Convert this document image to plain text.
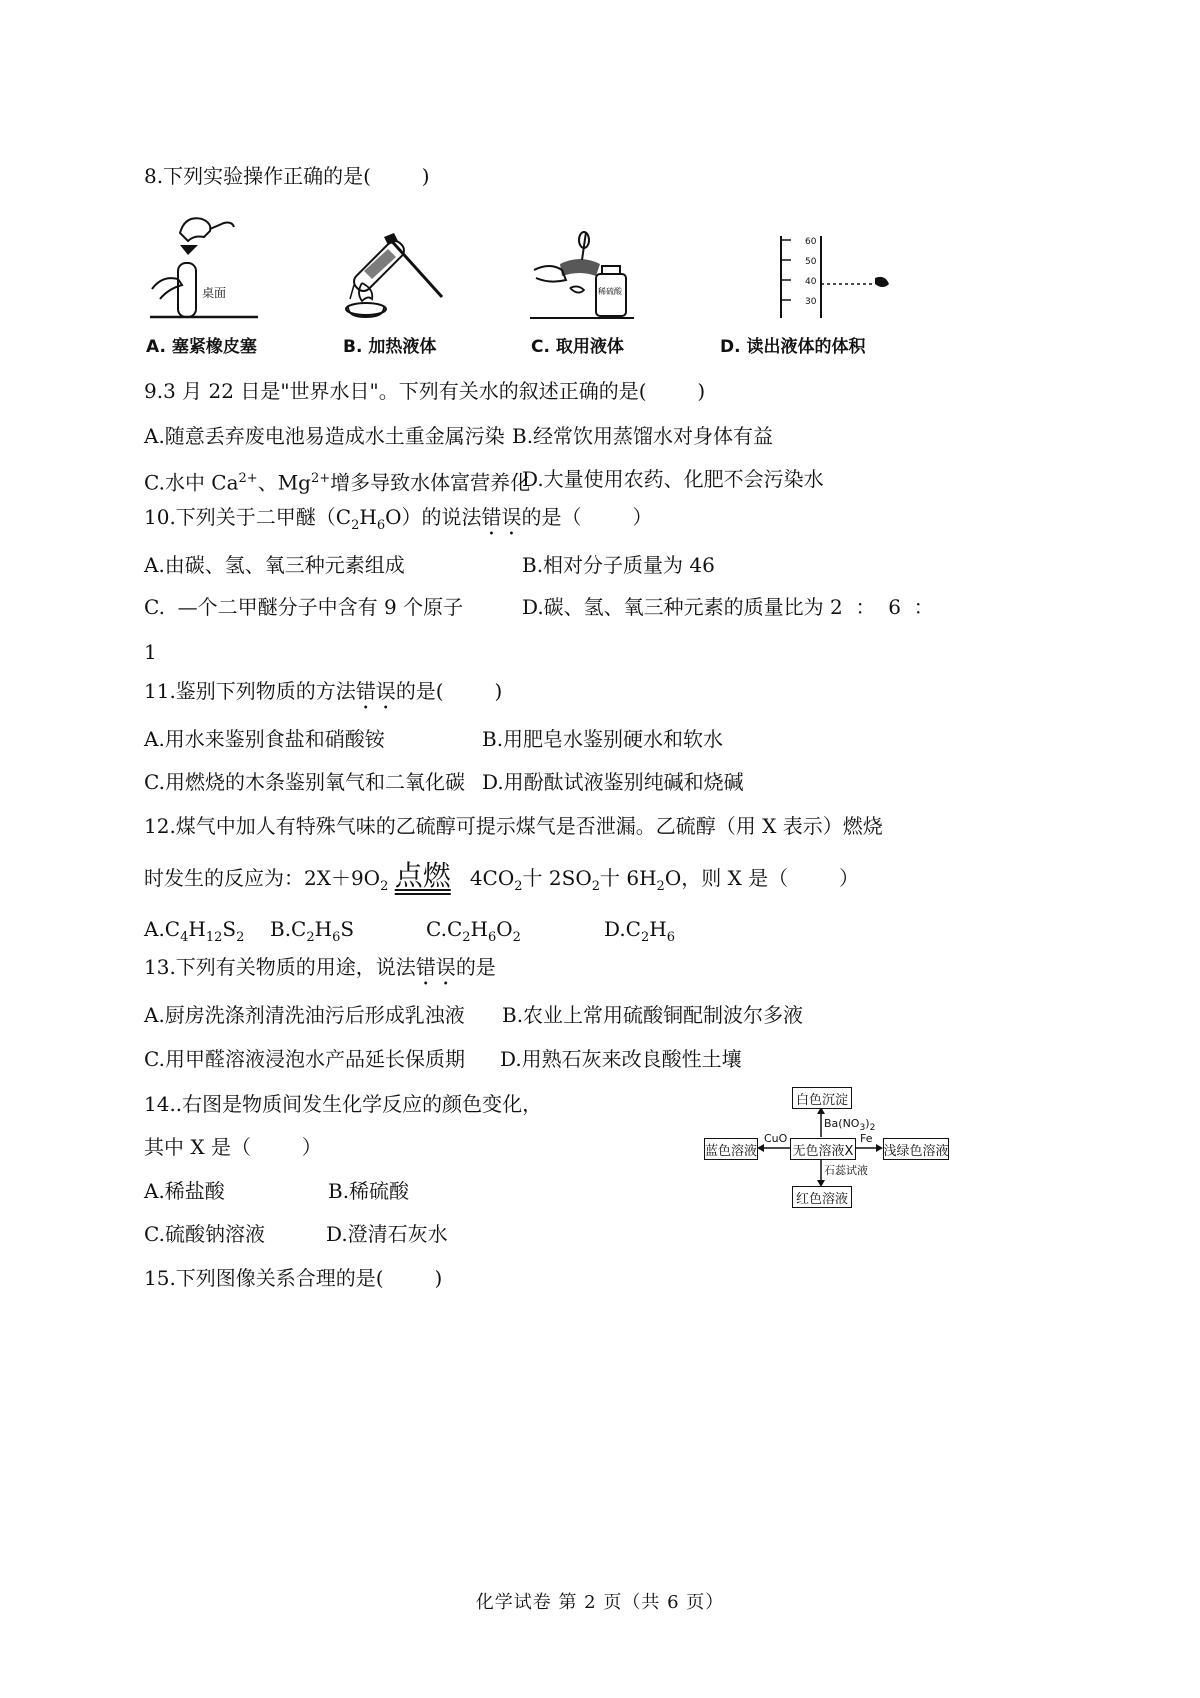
8.下列实验操作正确的是(        )
桌面
A. 塞紧橡皮塞	B. 加热液体
稀硫酸
C. 取用液体
60
50
40
30
D. 读出液体的体积
9.3 月 22 日是"世界水日"。下列有关水的叙述正确的是(        )
A.随意丢弃废电池易造成水土重金属污染 B.经常饮用蒸馏水对身体有益
C.水中 $Ca^{2+}$、$Mg^{2+}$增多导致水体富营养化
D.大量使用农药、化肥不会污染水
10.下列关于二甲醚$(C_2H_6O)$的说法错误的是（        ）
A.由碳、氢、氧三种元素组成	B.相对分子质量为 46
C.  —个二甲醚分子中含有 9 个原子	D.碳、氢、氧三种元素的质量比为 2  ：  6  ：
1
11.鉴别下列物质的方法错误的是(        )
A.用水来鉴别食盐和硝酸铵	B.用肥皂水鉴别硬水和软水
C.用燃烧的木条鉴别氧气和二氧化碳 D.用酚酞试液鉴别纯碱和烧碱
12.煤气中加人有特殊气味的乙硫醇可提示煤气是否泄漏。乙硫醇（用 X 表示）燃烧
时发生的反应为：$2X+9O_2$ 点燃 $4CO_2$十 $2SO_2$十 $6H_2O$，则 X 是（        ）
$A.C_4H_{12}S_2$ $B.C_2H_6S$	$C.C_2H_6O_2$	$D.C_2H_6$
13.下列有关物质的用途，说法错误的是
A.厨房洗涤剂清洗油污后形成乳浊液 B.农业上常用硫酸铜配制波尔多液
C.用甲醛溶液浸泡水产品延长保质期 D.用熟石灰来改良酸性土壤
14..右图是物质间发生化学反应的颜色变化，
其中 X 是（        ）
A.稀盐酸	B.稀硫酸
C.硫酸钠溶液	D.澄清石灰水
白色沉淀
$Ba(NO_3)_2$
无色溶液X
CuO
蓝色溶液
Fe
浅绿色溶液
石蕊试液
红色溶液
15.下列图像关系合理的是(        )
化学试卷 第 2 页（共 6 页）
